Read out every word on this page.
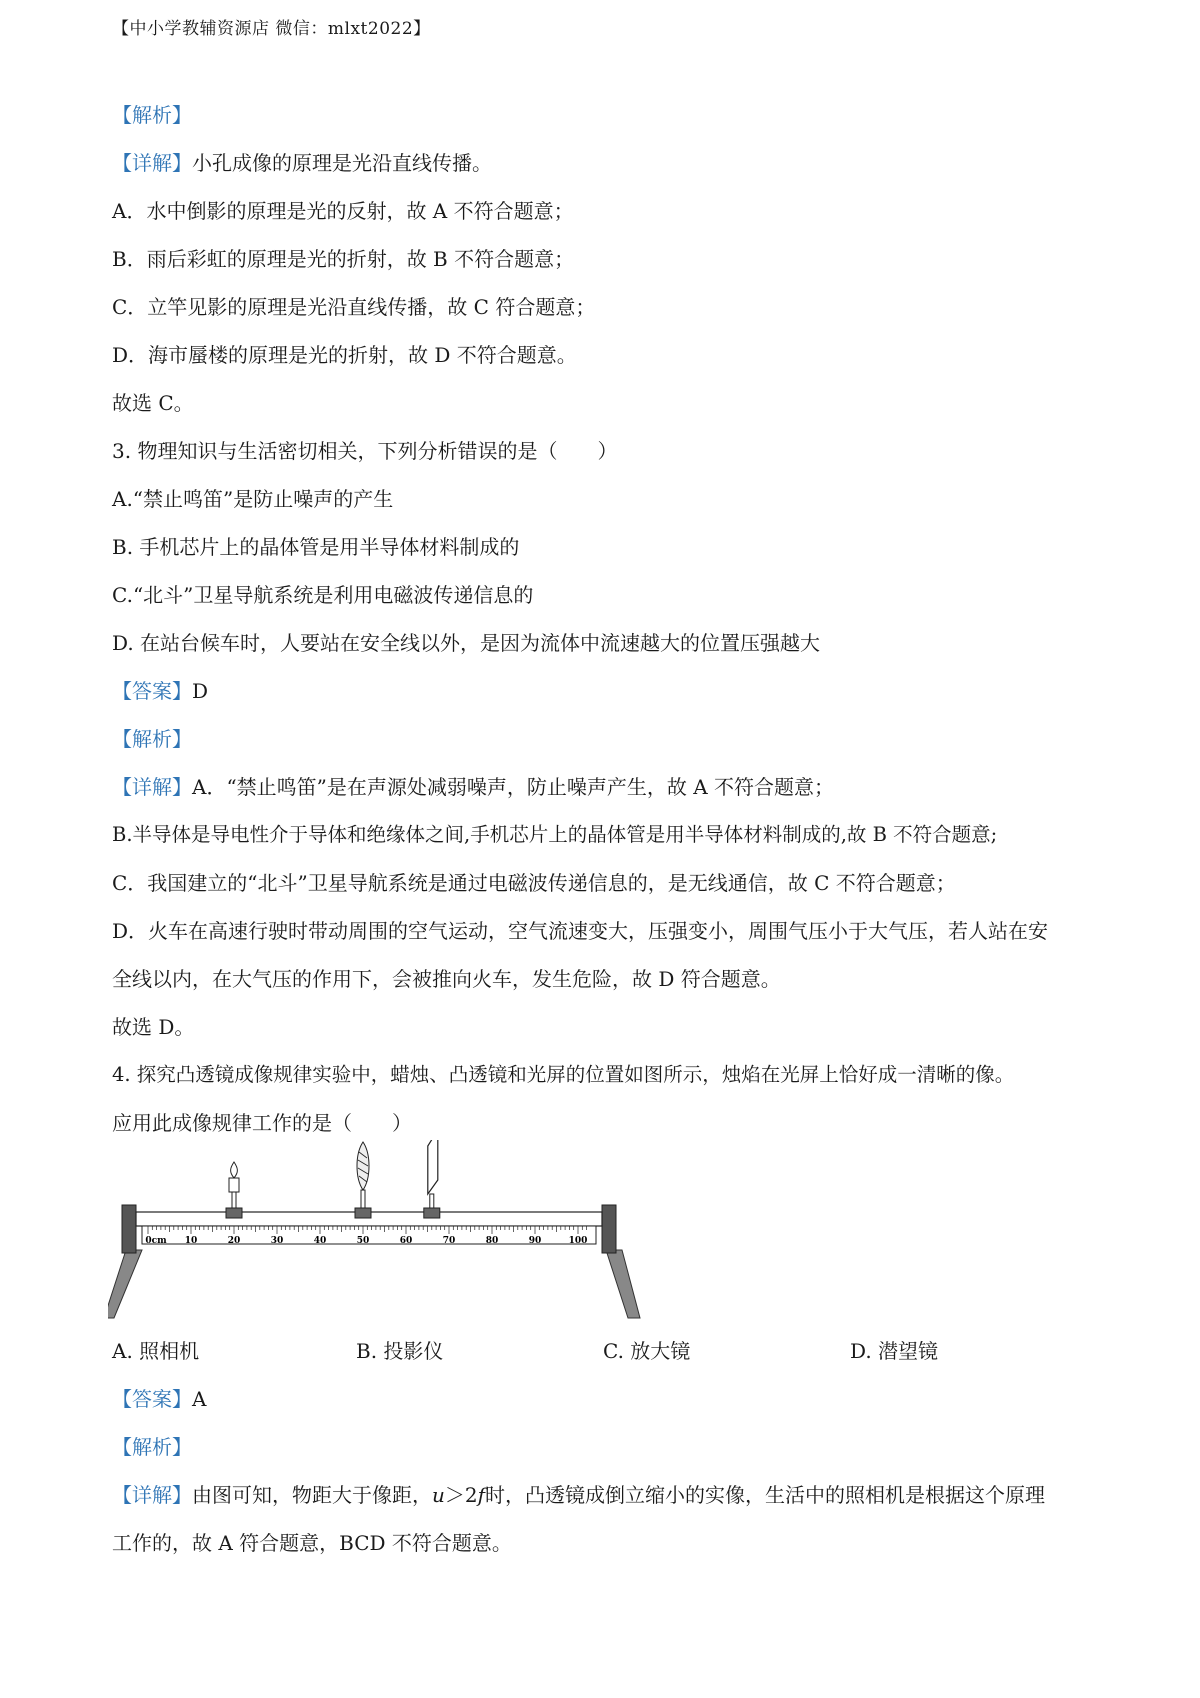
【中小学教辅资源店 微信：mlxt2022】
【解析】
【详解】小孔成像的原理是光沿直线传播。
A．水中倒影的原理是光的反射，故 A 不符合题意；
B．雨后彩虹的原理是光的折射，故 B 不符合题意；
C．立竿见影的原理是光沿直线传播，故 C 符合题意；
D．海市蜃楼的原理是光的折射，故 D 不符合题意。
故选 C。
3. 物理知识与生活密切相关，下列分析错误的是（　　）
A.“禁止鸣笛”是防止噪声的产生
B. 手机芯片上的晶体管是用半导体材料制成的
C.“北斗”卫星导航系统是利用电磁波传递信息的
D. 在站台候车时，人要站在安全线以外，是因为流体中流速越大的位置压强越大
【答案】D
【解析】
【详解】A．“禁止鸣笛”是在声源处减弱噪声，防止噪声产生，故 A 不符合题意；
B.半导体是导电性介于导体和绝缘体之间,手机芯片上的晶体管是用半导体材料制成的,故 B 不符合题意;
C．我国建立的“北斗”卫星导航系统是通过电磁波传递信息的，是无线通信，故 C 不符合题意；
D．火车在高速行驶时带动周围的空气运动，空气流速变大，压强变小，周围气压小于大气压，若人站在安
全线以内，在大气压的作用下，会被推向火车，发生危险，故 D 符合题意。
故选 D。
4. 探究凸透镜成像规律实验中，蜡烛、凸透镜和光屏的位置如图所示，烛焰在光屏上恰好成一清晰的像。
应用此成像规律工作的是（　　）
0cm 10	20	30	40	50	60	70	80	90	100
A. 照相机	B. 投影仪	C. 放大镜	D. 潜望镜
【答案】A
【解析】
【详解】由图可知，物距大于像距，u＞2f时，凸透镜成倒立缩小的实像，生活中的照相机是根据这个原理
工作的，故 A 符合题意，BCD 不符合题意。
